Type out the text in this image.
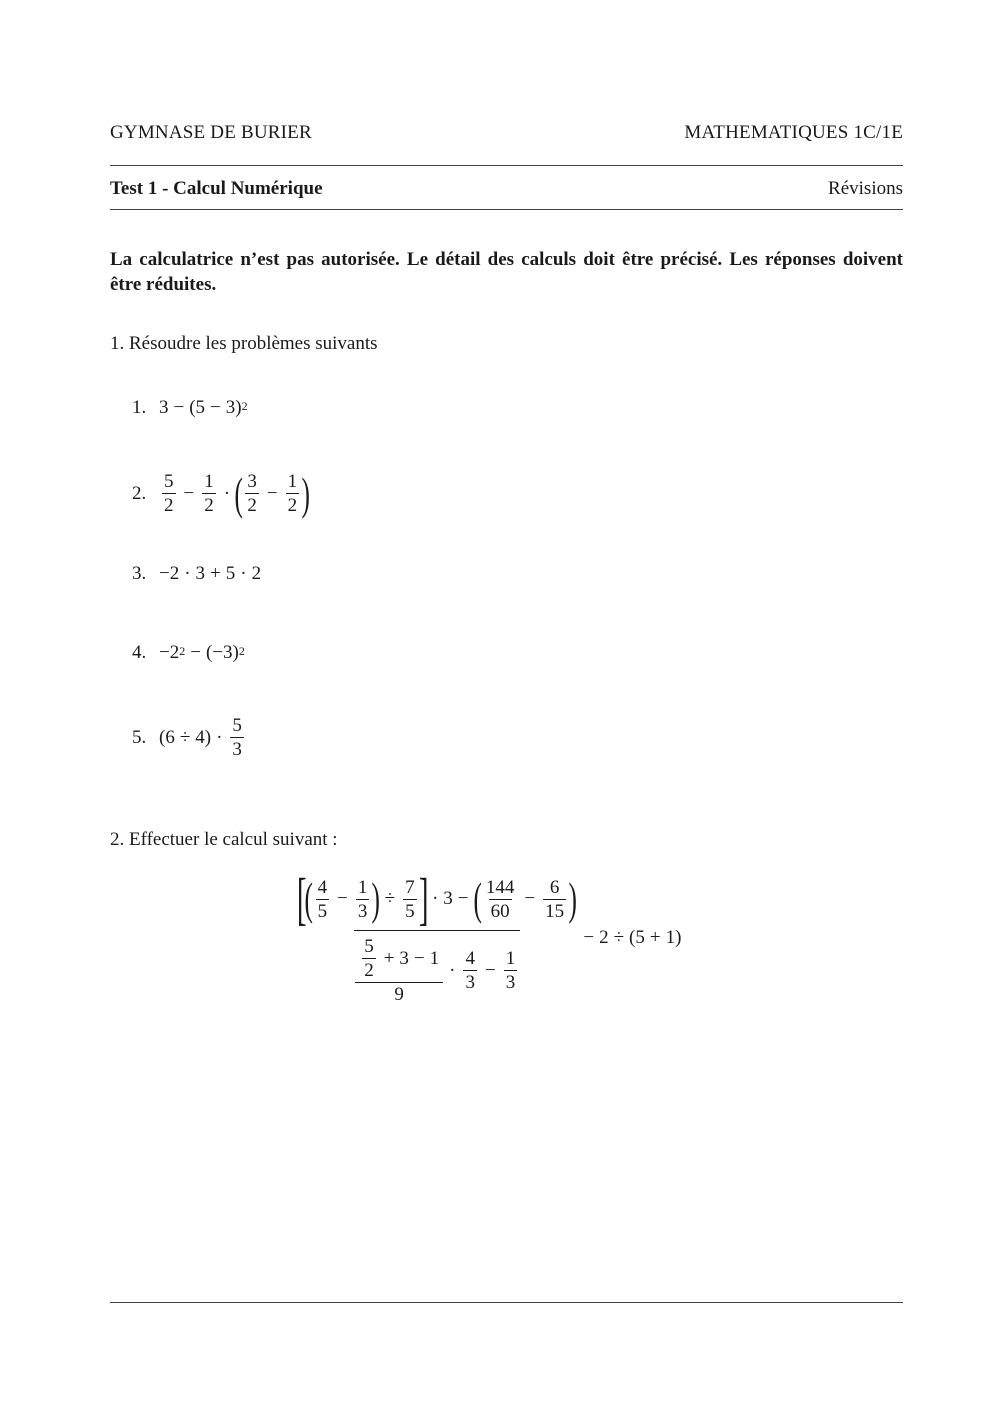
GYMNASE DE BURIER	MATHEMATIQUES 1C/1E
Test 1 - Calcul Numérique	Révisions
La calculatrice n’est pas autorisée. Le détail des calculs doit être précisé. Les réponses doivent être réduites.
1. Résoudre les problèmes suivants
1. $3 - (5 - 3)^2$
2. $\frac{5}{2} - \frac{1}{2}$ · ( $\frac{3}{2} - \frac{1}{2}$ )
3. −2 · 3 + 5 · 2
4. $-2^2 - (-3)^2$
5. $(6 \div 4) \cdot \frac{5}{3}$
2. Effectuer le calcul suivant :
[
( $\frac{4}{5} - \frac{1}{3}$ ) ÷ $\frac{7}{5}$ ] · 3 − ( $\frac{144}{60} - \frac{6}{15}$ )
$\frac{\frac{5}{2} + 3 - 1}{9} \cdot \frac{4}{3} - \frac{1}{3}$
− 2 ÷ (5 + 1)
